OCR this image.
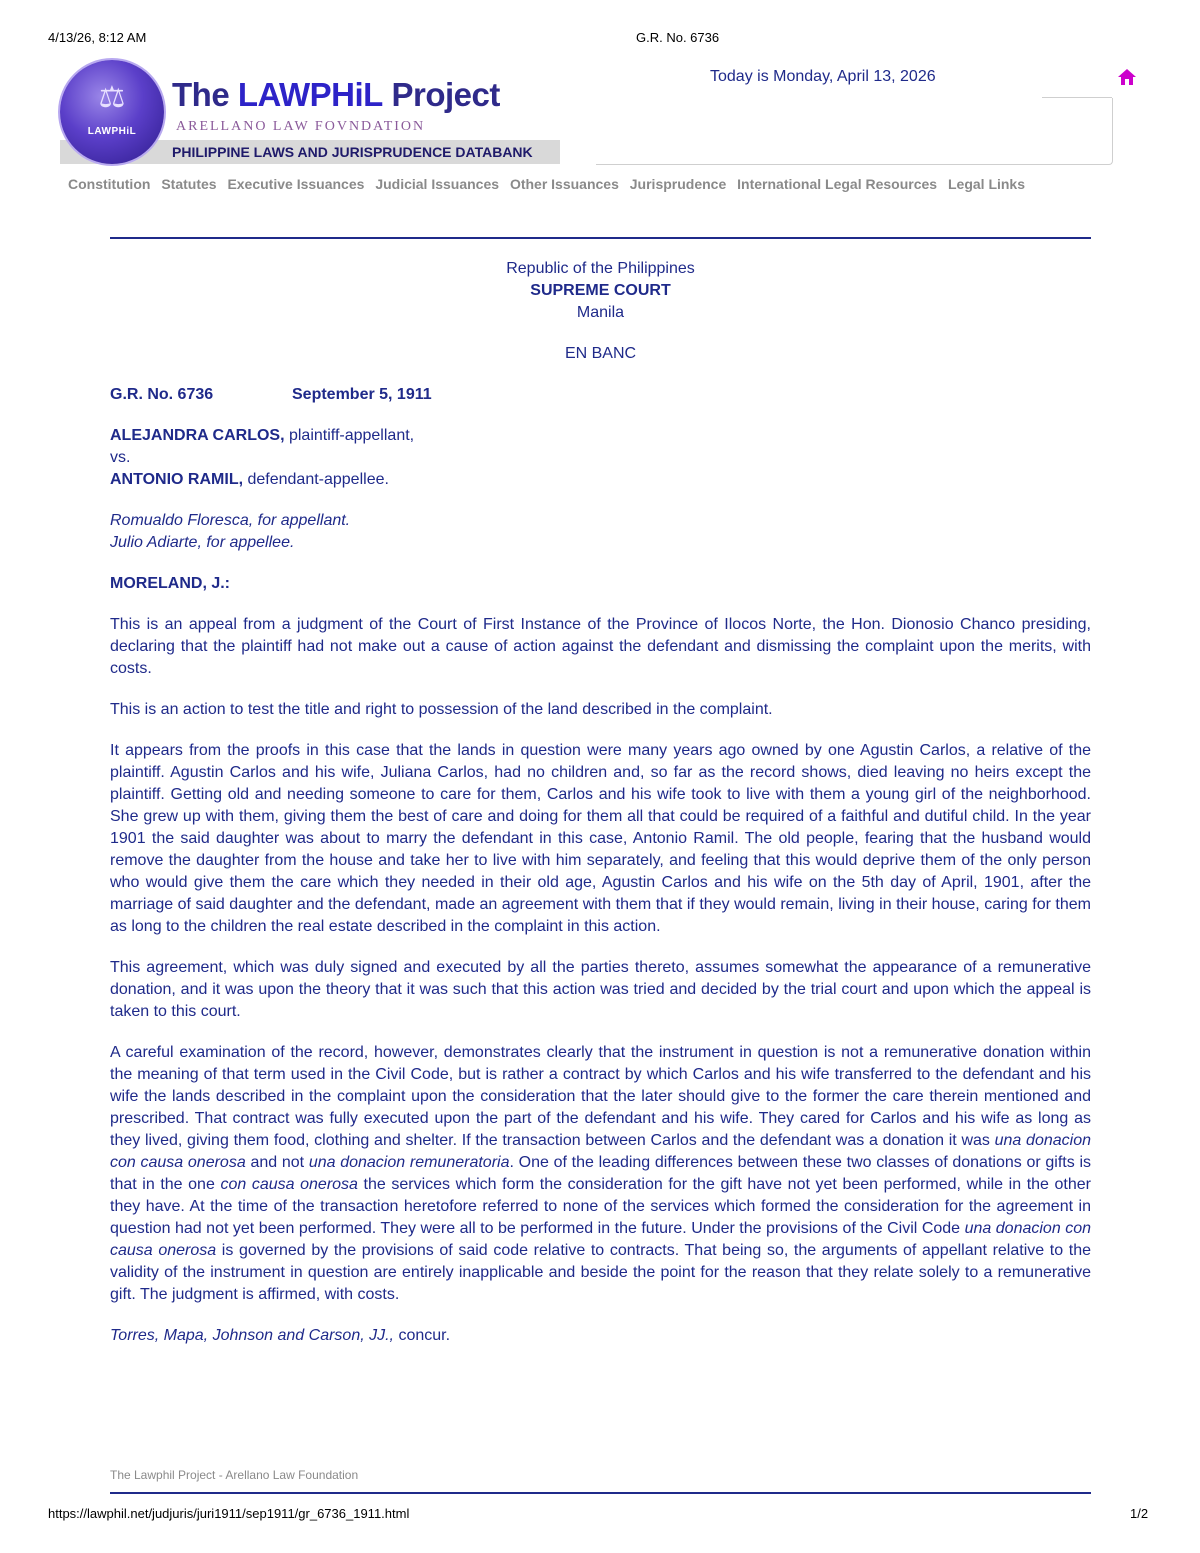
4/13/26, 8:12 AM	G.R. No. 6736
⚖
LAWPHiL
The LAWPHiL Project
ARELLANO LAW FOVNDATION
PHILIPPINE LAWS AND JURISPRUDENCE DATABANK
Today is Monday, April 13, 2026
Constitution Statutes Executive Issuances Judicial Issuances Other Issuances Jurisprudence International Legal Resources Legal Links
Republic of the Philippines
SUPREME COURT
Manila
EN BANC
G.R. No. 6736	September 5, 1911
ALEJANDRA CARLOS, plaintiff-appellant,
vs.
ANTONIO RAMIL, defendant-appellee.
Romualdo Floresca, for appellant.
Julio Adiarte, for appellee.
MORELAND, J.:

This is an appeal from a judgment of the Court of First Instance of the Province of Ilocos Norte, the Hon. Dionosio Chanco presiding, declaring that the plaintiff had not make out a cause of action against the defendant and dismissing the complaint upon the merits, with costs.

This is an action to test the title and right to possession of the land described in the complaint.

It appears from the proofs in this case that the lands in question were many years ago owned by one Agustin Carlos, a relative of the plaintiff. Agustin Carlos and his wife, Juliana Carlos, had no children and, so far as the record shows, died leaving no heirs except the plaintiff. Getting old and needing someone to care for them, Carlos and his wife took to live with them a young girl of the neighborhood. She grew up with them, giving them the best of care and doing for them all that could be required of a faithful and dutiful child. In the year 1901 the said daughter was about to marry the defendant in this case, Antonio Ramil. The old people, fearing that the husband would remove the daughter from the house and take her to live with him separately, and feeling that this would deprive them of the only person who would give them the care which they needed in their old age, Agustin Carlos and his wife on the 5th day of April, 1901, after the marriage of said daughter and the defendant, made an agreement with them that if they would remain, living in their house, caring for them as long to the children the real estate described in the complaint in this action.

This agreement, which was duly signed and executed by all the parties thereto, assumes somewhat the appearance of a remunerative donation, and it was upon the theory that it was such that this action was tried and decided by the trial court and upon which the appeal is taken to this court.

A careful examination of the record, however, demonstrates clearly that the instrument in question is not a remunerative donation within the meaning of that term used in the Civil Code, but is rather a contract by which Carlos and his wife transferred to the defendant and his wife the lands described in the complaint upon the consideration that the later should give to the former the care therein mentioned and prescribed. That contract was fully executed upon the part of the defendant and his wife. They cared for Carlos and his wife as long as they lived, giving them food, clothing and shelter. If the transaction between Carlos and the defendant was a donation it was una donacion con causa onerosa and not una donacion remuneratoria. One of the leading differences between these two classes of donations or gifts is that in the one con causa onerosa the services which form the consideration for the gift have not yet been performed, while in the other they have. At the time of the transaction heretofore referred to none of the services which formed the consideration for the agreement in question had not yet been performed. They were all to be performed in the future. Under the provisions of the Civil Code una donacion con causa onerosa is governed by the provisions of said code relative to contracts. That being so, the arguments of appellant relative to the validity of the instrument in question are entirely inapplicable and beside the point for the reason that they relate solely to a remunerative gift. The judgment is affirmed, with costs.

Torres, Mapa, Johnson and Carson, JJ., concur.
The Lawphil Project - Arellano Law Foundation
https://lawphil.net/judjuris/juri1911/sep1911/gr_6736_1911.html	1/2
